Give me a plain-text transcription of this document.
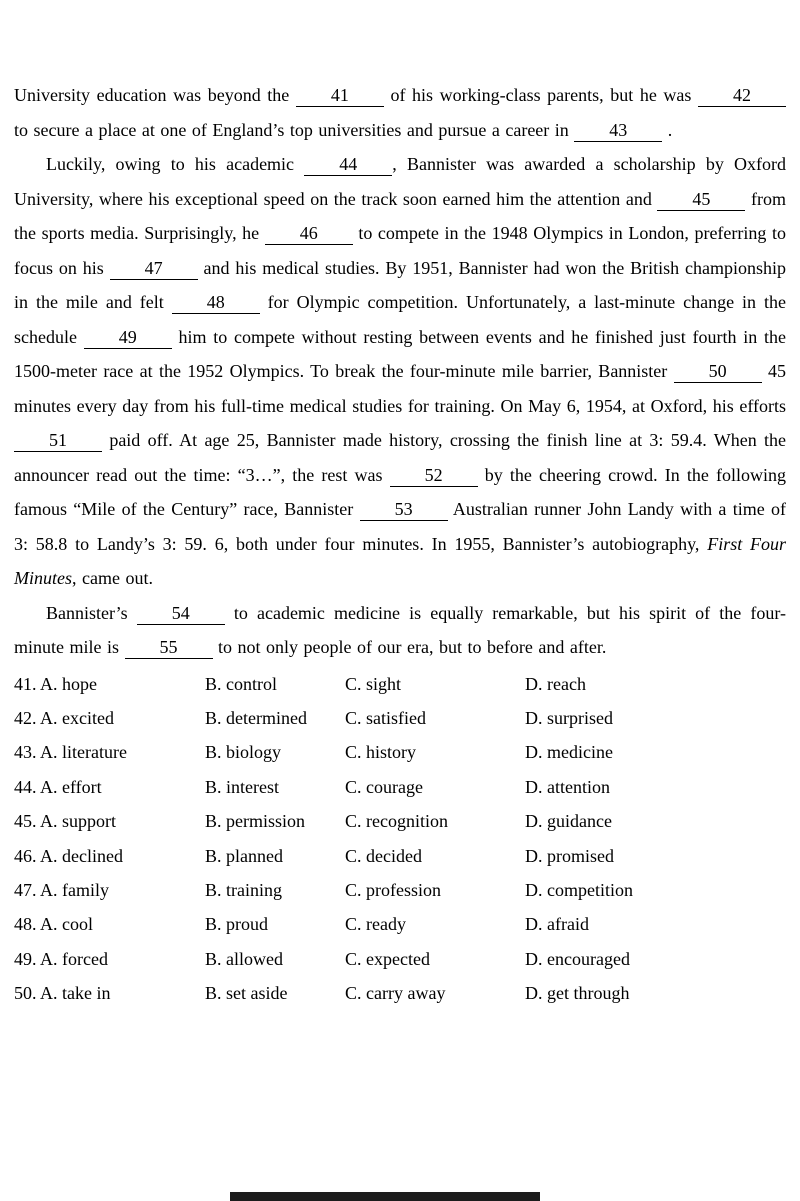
University education was beyond the 41 of his working-class parents, but he was 42 to secure a place at one of England’s top universities and pursue a career in 43 .

Luckily, owing to his academic 44 , Bannister was awarded a scholarship by Oxford University, where his exceptional speed on the track soon earned him the attention and 45 from the sports media. Surprisingly, he 46 to compete in the 1948 Olympics in London, preferring to focus on his 47 and his medical studies. By 1951, Bannister had won the British championship in the mile and felt 48 for Olympic competition. Unfortunately, a last-minute change in the schedule 49 him to compete without resting between events and he finished just fourth in the 1500-meter race at the 1952 Olympics. To break the four-minute mile barrier, Bannister 50 45 minutes every day from his full-time medical studies for training. On May 6, 1954, at Oxford, his efforts 51 paid off. At age 25, Bannister made history, crossing the finish line at 3: 59.4. When the announcer read out the time: “3…”, the rest was 52 by the cheering crowd. In the following famous “Mile of the Century” race, Bannister 53 Australian runner John Landy with a time of 3: 58.8 to Landy’s 3: 59. 6, both under four minutes. In 1955, Bannister’s autobiography, First Four Minutes, came out.

Bannister’s 54 to academic medicine is equally remarkable, but his spirit of the four-minute mile is 55 to not only people of our era, but to before and after.

41. A. hope	B. control	C. sight	D. reach
42. A. excited	B. determined	C. satisfied	D. surprised
43. A. literature	B. biology	C. history	D. medicine
44. A. effort	B. interest	C. courage	D. attention
45. A. support	B. permission	C. recognition	D. guidance
46. A. declined	B. planned	C. decided	D. promised
47. A. family	B. training	C. profession	D. competition
48. A. cool	B. proud	C. ready	D. afraid
49. A. forced	B. allowed	C. expected	D. encouraged
50. A. take in	B. set aside	C. carry away	D. get through
